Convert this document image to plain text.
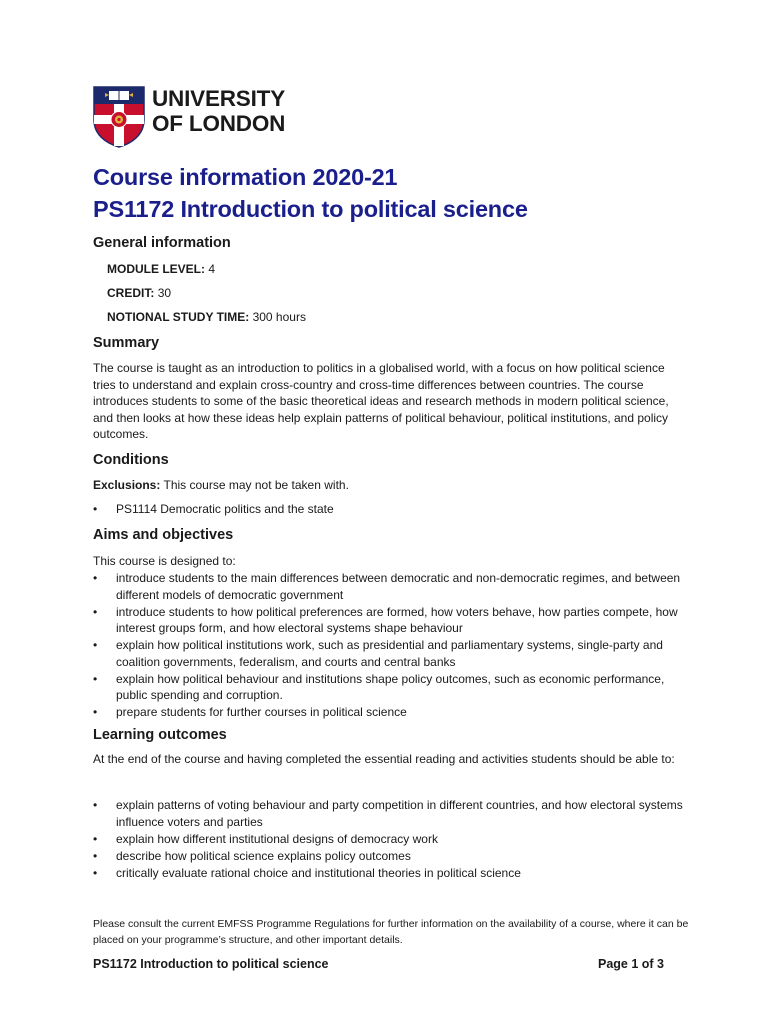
UNIVERSITY
OF LONDON
Course information 2020-21
PS1172 Introduction to political science
General information
MODULE LEVEL: 4
CREDIT: 30
NOTIONAL STUDY TIME: 300 hours
Summary
The course is taught as an introduction to politics in a globalised world, with a focus on how political science tries to understand and explain cross-country and cross-time differences between countries. The course introduces students to some of the basic theoretical ideas and research methods in modern political science, and then looks at how these ideas help explain patterns of political behaviour, political institutions, and policy outcomes.
Conditions
Exclusions: This course may not be taken with.
• PS1114 Democratic politics and the state
Aims and objectives
This course is designed to:
• introduce students to the main differences between democratic and non-democratic regimes, and between different models of democratic government
• introduce students to how political preferences are formed, how voters behave, how parties compete, how interest groups form, and how electoral systems shape behaviour
• explain how political institutions work, such as presidential and parliamentary systems, single-party and coalition governments, federalism, and courts and central banks
• explain how political behaviour and institutions shape policy outcomes, such as economic performance, public spending and corruption.
• prepare students for further courses in political science
Learning outcomes
At the end of the course and having completed the essential reading and activities students should be able to:
• explain patterns of voting behaviour and party competition in different countries, and how electoral systems influence voters and parties
• explain how different institutional designs of democracy work
• describe how political science explains policy outcomes
• critically evaluate rational choice and institutional theories in political science
Please consult the current EMFSS Programme Regulations for further information on the availability of a course, where it can be placed on your programme’s structure, and other important details.
PS1172 Introduction to political science	Page 1 of 3
